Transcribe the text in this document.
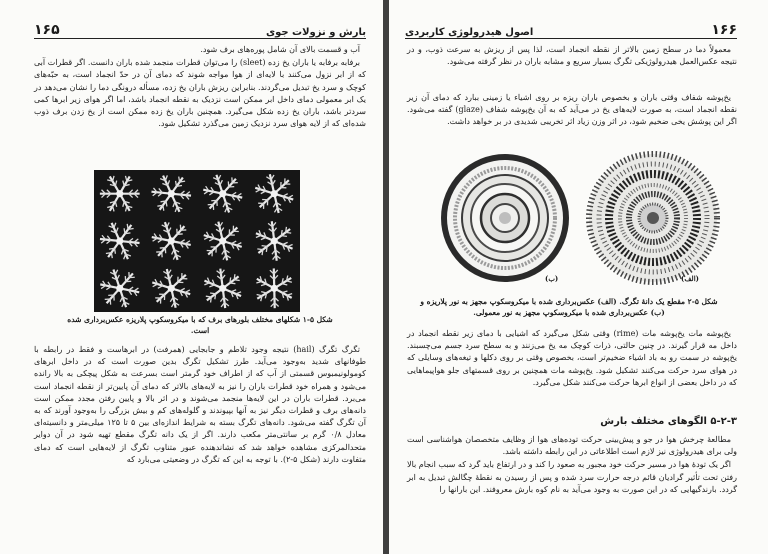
بارش و نزولات جوی
۱۶۵

آب و قسمت بالای آن شامل پوره‌های برف شود.

برفابه برفابه یا باران یخ زده (sleet) را می‌توان قطرات منجمد شده باران دانست. اگر قطرات آبی که از ابر نزول می‌کنند با لایه‌ای از هوا مواجه شوند که دمای آن در حدّ انجماد است، به حبّه‌های کوچک و سرد یخ تبدیل می‌گردند. بنابراین ریزش باران یخ زده، مسأله درونگی دما را نشان می‌دهد در یک ابر معمولی دمای داخل ابر ممکن است نزدیک به نقطه انجماد باشد، اما اگر هوای زیر ابرها کمی سردتر باشد، باران یخ زده شکل می‌گیرد. همچنین باران یخ زده ممکن است از یخ زدن برف ذوب شده‌ای که از لایه هوای سرد نزدیک زمین می‌گذرد تشکیل شود.

شکل ۵-۱ شکلهای مختلف بلورهای برف که با میکروسکوپ پلاریزه عکس‌برداری شده است.

تگرگ تگرگ (hail) نتیجه وجود تلاطم و جابجایی (همرفت) در ابرهاست و فقط در رابطه با طوفانهای شدید به‌وجود می‌آید. طرز تشکیل تگرگ بدین صورت است که در داخل ابرهای کومولونیمبوس قسمتی از آب که از اطراف خود گرمتر است بسرعت به شکل پیچکی به بالا رانده می‌شود و همراه خود قطرات باران را نیز به لایه‌های بالاتر که دمای آن پایین‌تر از نقطه انجماد است می‌برد. قطرات باران در این لایه‌ها منجمد می‌شوند و در اثر بالا و پایین رفتن مجدد ممکن است دانه‌های برف و قطرات دیگر نیز به آنها بپیوندند و گلوله‌های کم و بیش بزرگی را به‌وجود آورند که به آن تگرگ گفته می‌شود. دانه‌های تگرگ بسته به شرایط اندازه‌ای بین ۵ تا ۱۲۵ میلی‌متر و دانسیته‌ای معادل ۰/۸ گرم بر سانتی‌متر مکعب دارند. اگر از یک دانه تگرگ مقطع تهیه شود در آن دوایر متحدالمرکزی مشاهده خواهد شد که نشاندهنده عبور متناوب تگرگ از لایه‌هایی است که دمای متفاوت دارند (شکل ۵-۲). با توجه به این که تگرگ در وضعیتی می‌بارد که

۱۶۶
اصول هیدرولوژی کاربردی

معمولاً دما در سطح زمین بالاتر از نقطه انجماد است، لذا پس از ریزش به سرعت ذوب، و در نتیجه عکس‌العمل هیدرولوژیکی تگرگ بسیار سریع و مشابه باران در نظر گرفته می‌شود.

یخ‌پوشه شفاف وقتی باران و بخصوص باران ریزه بر روی اشیاء یا زمینی ببارد که دمای آن زیر نقطه انجماد است، به صورت لایه‌های یخ در می‌آید که به آن یخ‌پوشه شفاف (glaze) گفته می‌شود. اگر این پوشش یخی ضخیم شود، در اثر وزن زیاد اثر تخریبی شدیدی در بر خواهد داشت.

(الف)
(ب)
شکل ۵-۲ مقطع یک دانهٔ تگرگ. (الف) عکس‌برداری شده با میکروسکوپ مجهز به نور پلاریزه و (ب) عکس‌برداری شده با میکروسکوپ مجهز به نور معمولی.

یخ‌پوشه مات یخ‌پوشه مات (rime) وقتی شکل می‌گیرد که اشیایی با دمای زیر نقطه انجماد در داخل مه قرار گیرند. در چنین حالتی، ذرات کوچک مه یخ می‌زنند و به سطح سرد جسم می‌چسبند. یخ‌پوشه در سمت رو به باد اشیاء ضخیم‌تر است، بخصوص وقتی بر روی دکلها و تیغه‌های وسایلی که در هوای سرد حرکت می‌کنند تشکیل شود. یخ‌پوشه مات همچنین بر روی قسمتهای جلو هواپیماهایی که در داخل بعضی از انواع ابرها حرکت می‌کنند شکل می‌گیرد.

۵-۲-۳ الگوهای مختلف بارش

مطالعهٔ چرخش هوا در جو و پیش‌بینی حرکت توده‌های هوا از وظایف متخصصان هواشناسی است ولی برای هیدرولوژی نیز لازم است اطلاعاتی در این رابطه داشته باشد.

اگر یک تودهٔ هوا در مسیر حرکت خود مجبور به صعود را کند و در ارتفاع باید گرد که سبب انجام بالا رفتن تحت تأثیر گرادیان قائم درجه حرارت سرد شده و پس از رسیدن به نقطهٔ چگالش تبدیل به ابر گردد. بارندگیهایی که در این صورت به وجود می‌آید به نام کوه بارش معروفند. این بارانها را
